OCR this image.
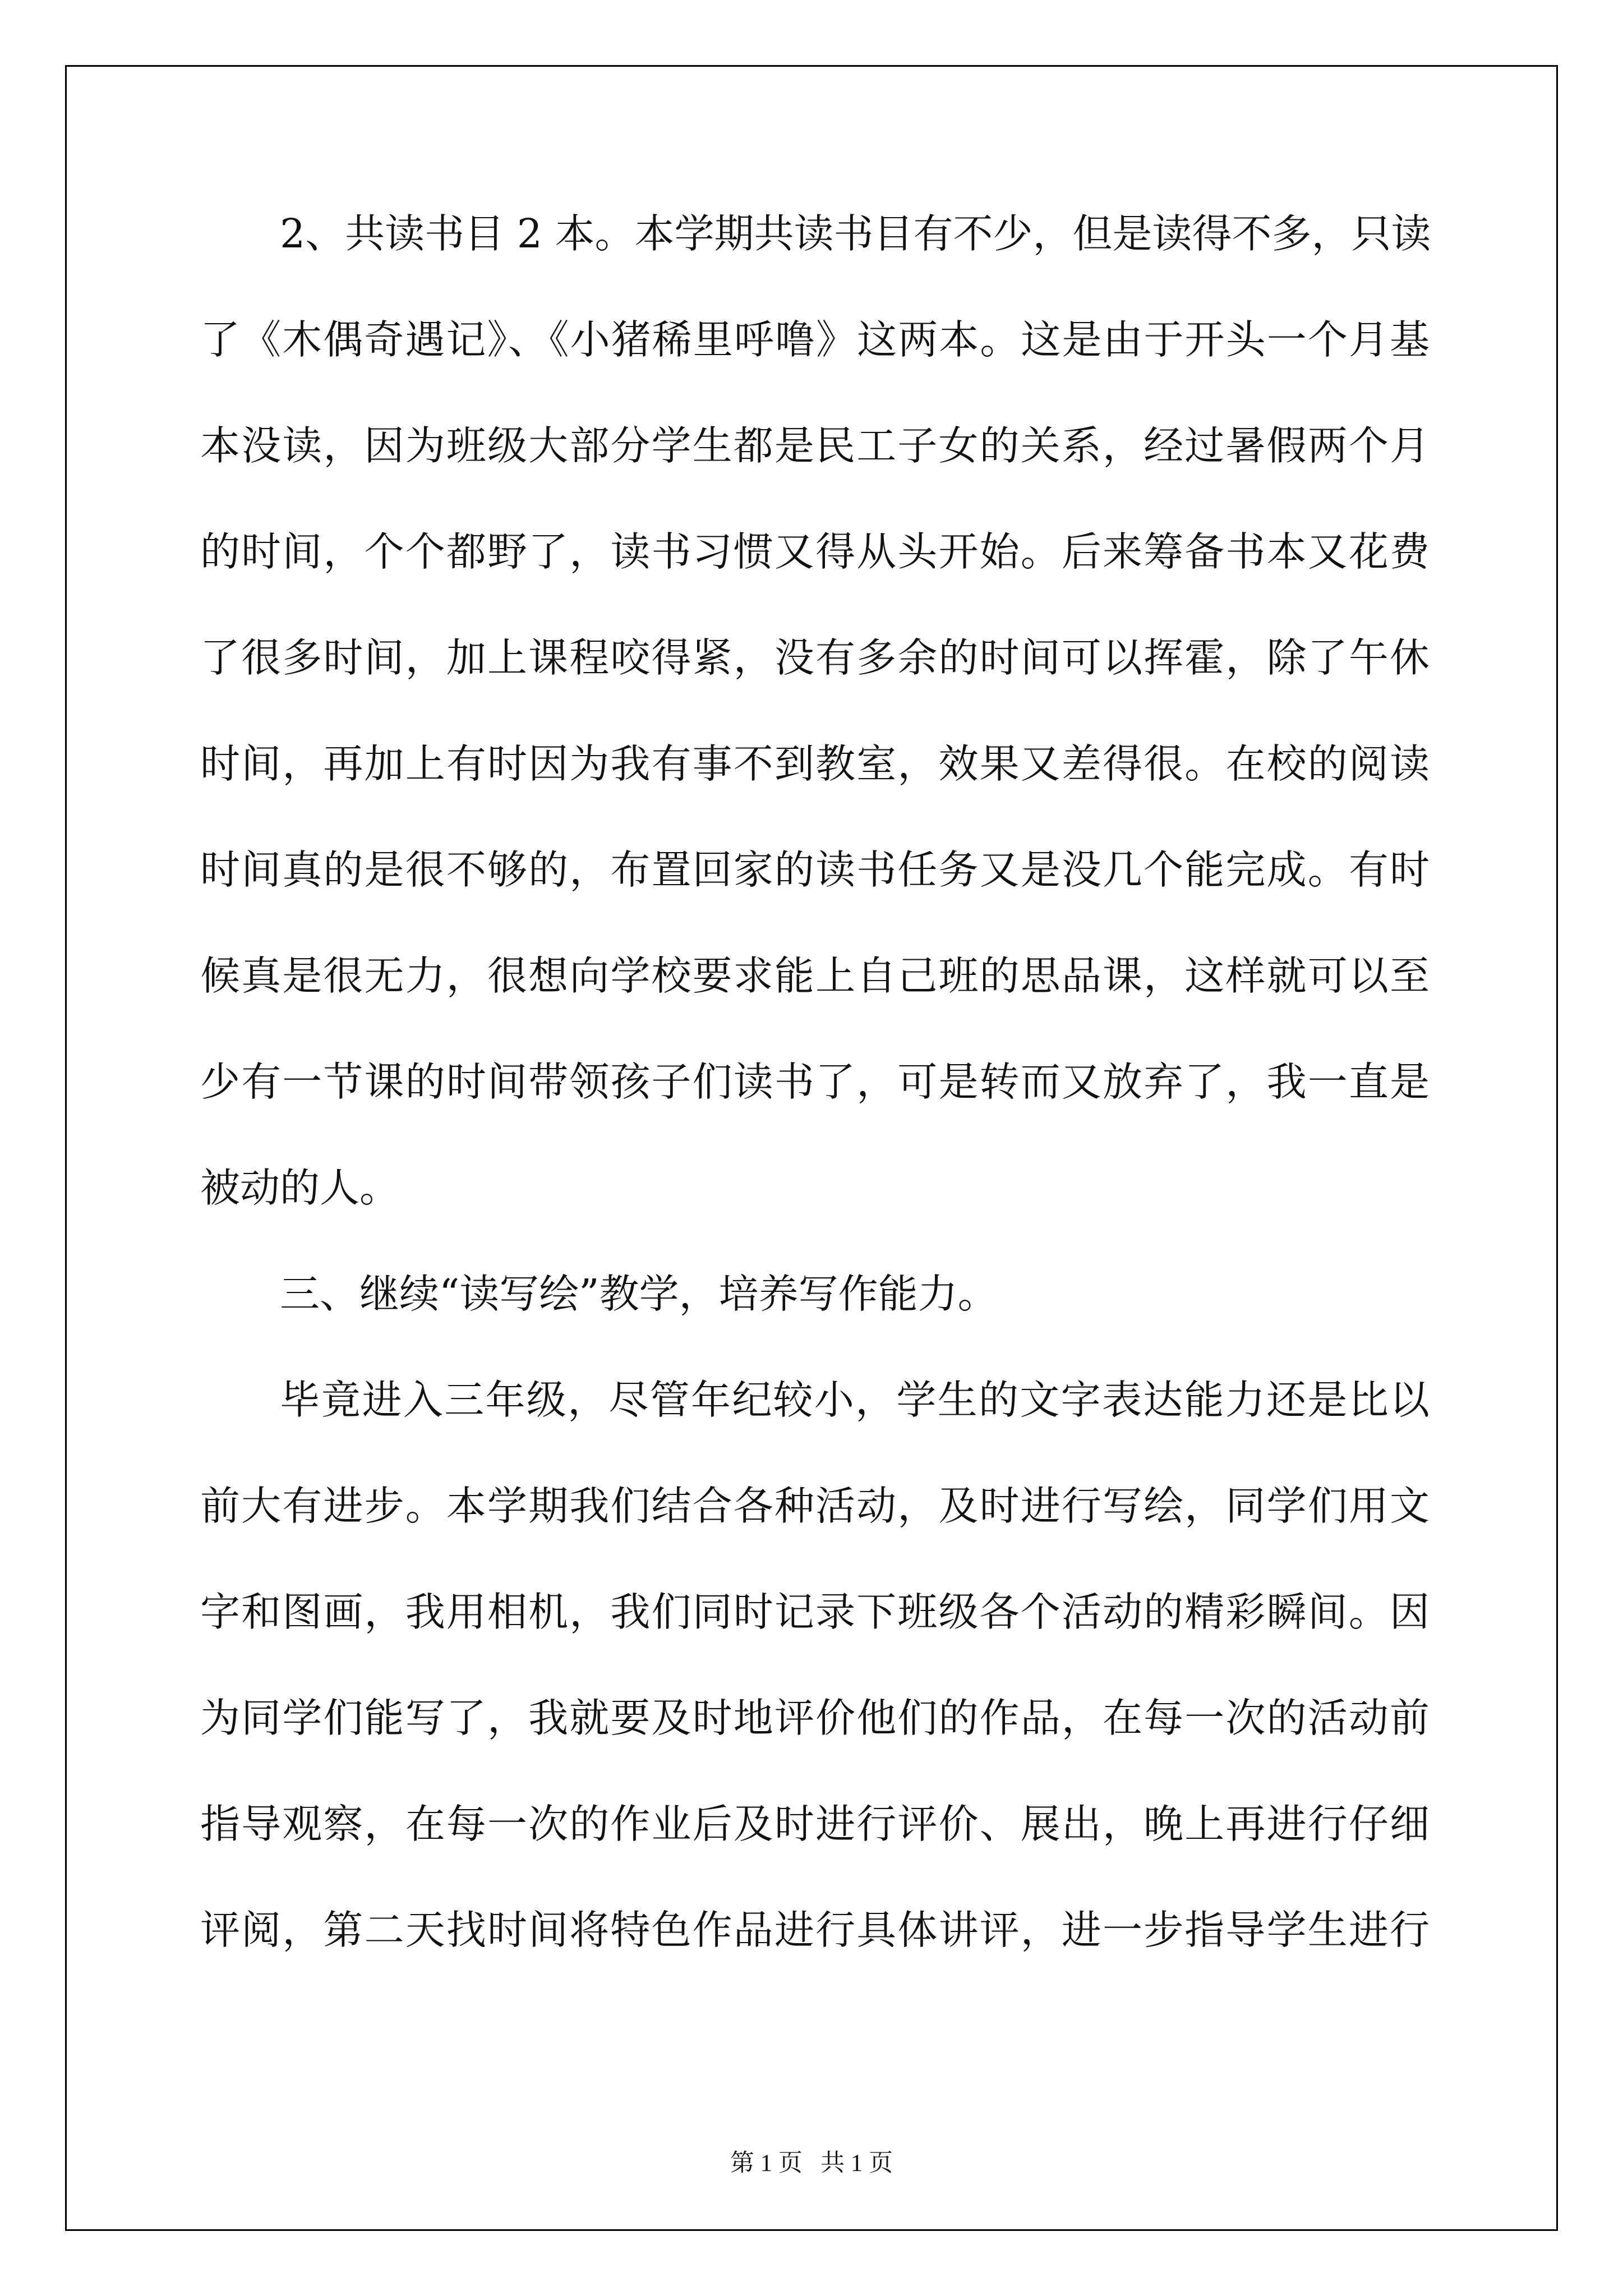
2、共读书目 2 本。本学期共读书目有不少，但是读得不多，只读
了《木偶奇遇记》、《小猪稀里呼噜》这两本。这是由于开头一个月基
本没读，因为班级大部分学生都是民工子女的关系，经过暑假两个月
的时间，个个都野了，读书习惯又得从头开始。后来筹备书本又花费
了很多时间，加上课程咬得紧，没有多余的时间可以挥霍，除了午休
时间，再加上有时因为我有事不到教室，效果又差得很。在校的阅读
时间真的是很不够的，布置回家的读书任务又是没几个能完成。有时
候真是很无力，很想向学校要求能上自己班的思品课，这样就可以至
少有一节课的时间带领孩子们读书了，可是转而又放弃了，我一直是
被动的人。
三、继续“读写绘”教学，培养写作能力。
毕竟进入三年级，尽管年纪较小，学生的文字表达能力还是比以
前大有进步。本学期我们结合各种活动，及时进行写绘，同学们用文
字和图画，我用相机，我们同时记录下班级各个活动的精彩瞬间。因
为同学们能写了，我就要及时地评价他们的作品，在每一次的活动前
指导观察，在每一次的作业后及时进行评价、展出，晚上再进行仔细
评阅，第二天找时间将特色作品进行具体讲评，进一步指导学生进行
第 1 页   共 1 页
